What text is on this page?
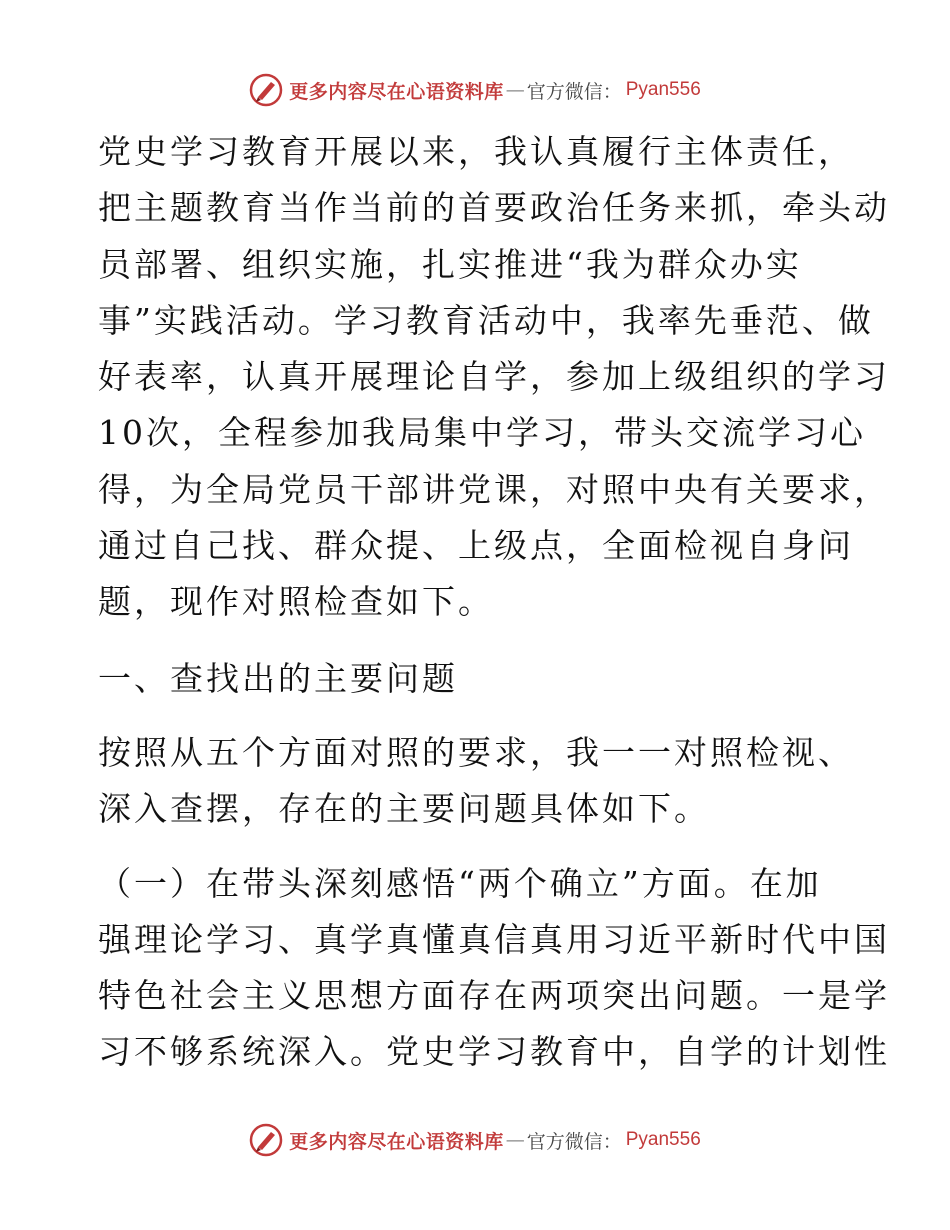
更多内容尽在心语资料库 — 官方微信： Pyan556

党史学习教育开展以来，我认真履行主体责任，
把主题教育当作当前的首要政治任务来抓，牵头动
员部署、组织实施，扎实推进“我为群众办实
事”实践活动。学习教育活动中，我率先垂范、做
好表率，认真开展理论自学，参加上级组织的学习
10次，全程参加我局集中学习，带头交流学习心
得，为全局党员干部讲党课，对照中央有关要求，
通过自己找、群众提、上级点，全面检视自身问
题，现作对照检查如下。

一、查找出的主要问题

按照从五个方面对照的要求，我一一对照检视、
深入查摆，存在的主要问题具体如下。

（一）在带头深刻感悟“两个确立”方面。在加
强理论学习、真学真懂真信真用习近平新时代中国
特色社会主义思想方面存在两项突出问题。一是学
习不够系统深入。党史学习教育中，自学的计划性

更多内容尽在心语资料库 — 官方微信： Pyan556
